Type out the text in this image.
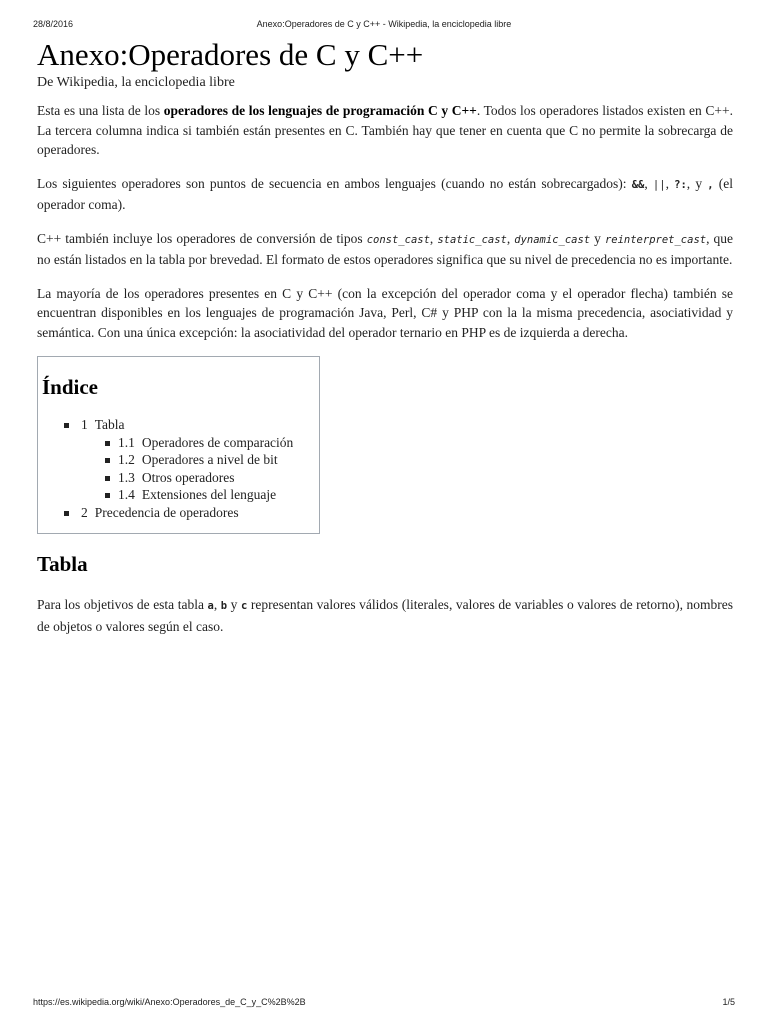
28/8/2016	Anexo:Operadores de C y C++ - Wikipedia, la enciclopedia libre
Anexo:Operadores de C y C++
De Wikipedia, la enciclopedia libre

Esta es una lista de los operadores de los lenguajes de programación C y C++. Todos los operadores listados existen en C++. La tercera columna indica si también están presentes en C. También hay que tener en cuenta que C no permite la sobrecarga de operadores.

Los siguientes operadores son puntos de secuencia en ambos lenguajes (cuando no están sobrecargados): &&, ||, ?:, y , (el operador coma).

C++ también incluye los operadores de conversión de tipos const_cast, static_cast, dynamic_cast y reinterpret_cast, que no están listados en la tabla por brevedad. El formato de estos operadores significa que su nivel de precedencia no es importante.

La mayoría de los operadores presentes en C y C++ (con la excepción del operador coma y el operador flecha) también se encuentran disponibles en los lenguajes de programación Java, Perl, C# y PHP con la la misma precedencia, asociatividad y semántica. Con una única excepción: la asociatividad del operador ternario en PHP es de izquierda a derecha.

Índice
1 Tabla
1.1 Operadores de comparación
1.2 Operadores a nivel de bit
1.3 Otros operadores
1.4 Extensiones del lenguaje
2 Precedencia de operadores
Tabla

Para los objetivos de esta tabla a, b y c representan valores válidos (literales, valores de variables o valores de retorno), nombres de objetos o valores según el caso.

https://es.wikipedia.org/wiki/Anexo:Operadores_de_C_y_C%2B%2B	1/5
